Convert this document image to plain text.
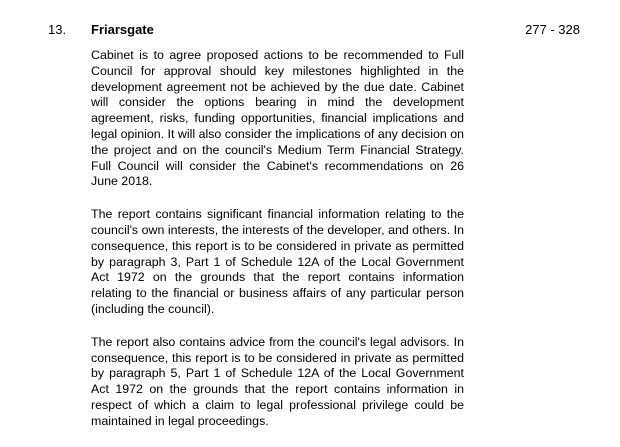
13. Friarsgate	277 - 328

Cabinet is to agree proposed actions to be recommended to Full Council for approval should key milestones highlighted in the development agreement not be achieved by the due date. Cabinet will consider the options bearing in mind the development agreement, risks, funding opportunities, financial implications and legal opinion. It will also consider the implications of any decision on the project and on the council's Medium Term Financial Strategy. Full Council will consider the Cabinet's recommendations on 26 June 2018.

The report contains significant financial information relating to the council's own interests, the interests of the developer, and others. In consequence, this report is to be considered in private as permitted by paragraph 3, Part 1 of Schedule 12A of the Local Government Act 1972 on the grounds that the report contains information relating to the financial or business affairs of any particular person (including the council).

The report also contains advice from the council's legal advisors. In consequence, this report is to be considered in private as permitted by paragraph 5, Part 1 of Schedule 12A of the Local Government Act 1972 on the grounds that the report contains information in respect of which a claim to legal professional privilege could be maintained in legal proceedings.
